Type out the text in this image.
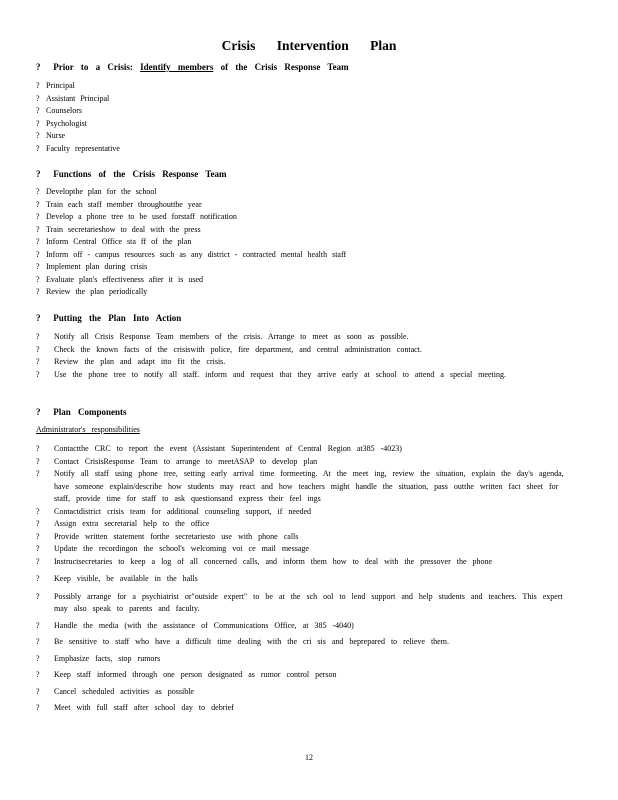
Crisis Intervention Plan
? Prior to a Crisis: Identify members of the Crisis Response Team
? Principal
? Assistant Principal
? Counselors
? Psychologist
? Nurse
? Faculty representative
? Functions of the Crisis Response Team
? Developthe plan for the school
? Train each staff member throughoutthe year
? Develop a phone tree to be used forstaff notification
? Train secretarieshow to deal with the press
? Inform Central Office sta ff of the plan
? Inform off - campus resources such as any district - contracted mental health staff
? Implement plan during crisis
? Evaluate plan's effectiveness after it is used
? Review the plan periodically
? Putting the Plan Into Action
? Notify all Crisis Response Team members of the crisis. Arrange to meet as soon as possible.
? Check the known facts of the crisiswith police, fire department, and central administration contact.
? Review the plan and adapt itto fit the crisis.
? Use the phone tree to notify all staff. inform and request that they arrive early at school to attend a special meeting.
? Plan Components
Administrator's responsibilities
? Contactthe CRC to report the event (Assistant Superintendent of Central Region at385 -4023)
? Contact CrisisResponse Team to arrange to meetASAP to develop plan
? Notify all staff using phone tree, setting early arrival time formeeting. At the meet ing, review the situation, explain the day's agenda, have someone explain/describe how students may react and how teachers might handle the situation, pass outthe written fact sheet for staff, provide time for staff to ask questionsand express their feel ings
? Contactdistrict crisis team for additional counseling support, if needed
? Assign extra secretarial help to the office
? Provide written statement forthe secretariesto use with phone calls
? Update the recordingon the school's welcoming voi ce mail message
? Instructsecretaries to keep a log of all concerned calls, and inform them how to deal with the pressover the phone
? Keep visible, be available in the halls
? Possibly arrange for a psychiatrist or"outside expert" to be at the sch ool to lend support and help students and teachers. This expert may also speak to parents and faculty.
? Handle the media (with the assistance of Communications Office, at 385 -4040)
? Be sensitive to staff who have a difficult time dealing with the cri sis and beprepared to relieve them.
? Emphasize facts, stop rumors
? Keep staff informed through one person designated as rumor control person
? Cancel scheduled activities as possible
? Meet with full staff after school day to debrief
12
